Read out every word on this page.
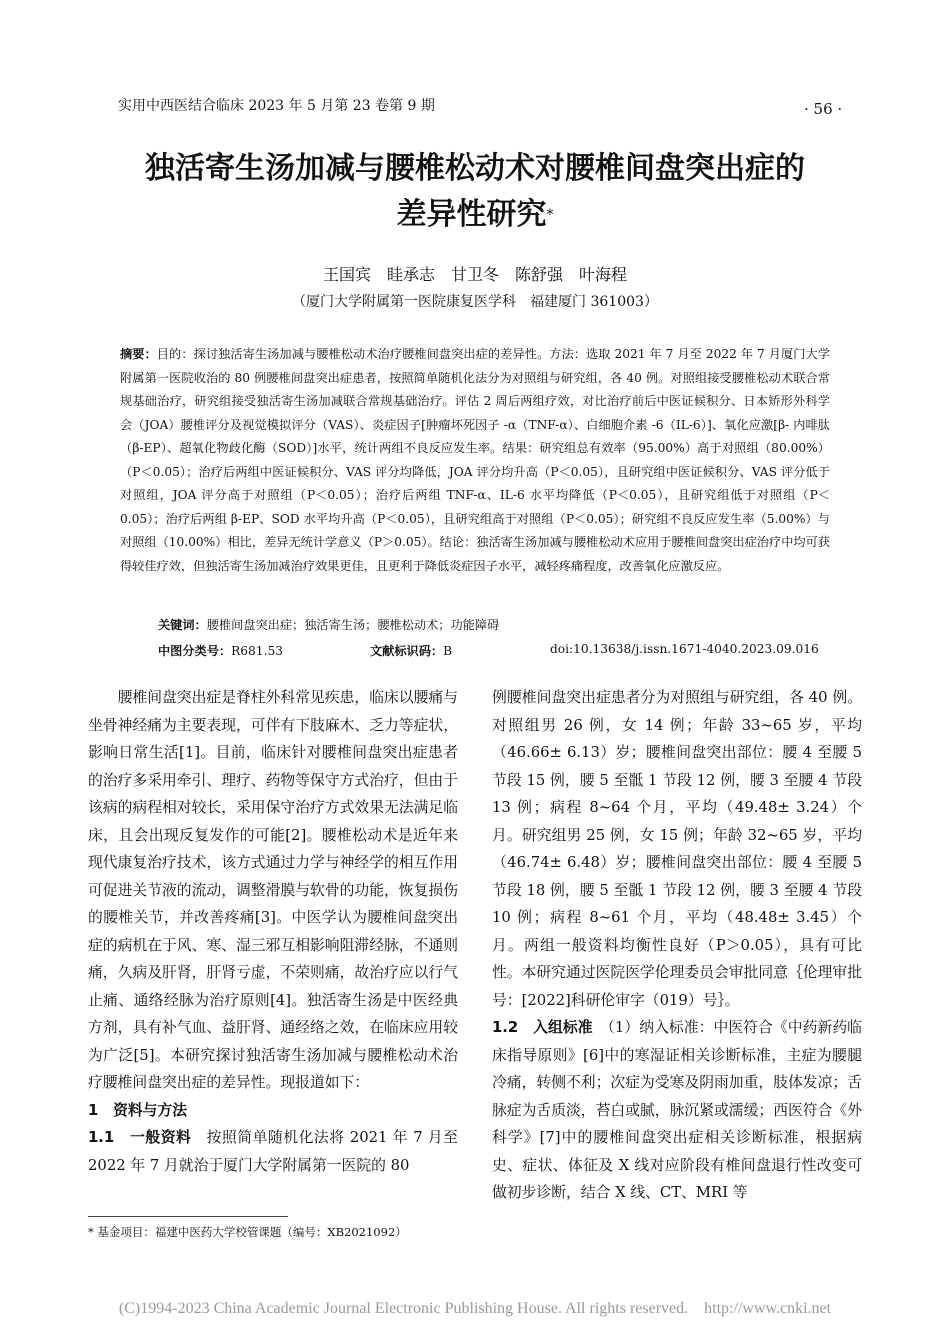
实用中西医结合临床 2023 年 5 月第 23 卷第 9 期	· 56 ·
独活寄生汤加减与腰椎松动术对腰椎间盘突出症的
差异性研究*
王国宾　眭承志　甘卫冬　陈舒强　叶海程
（厦门大学附属第一医院康复医学科　福建厦门 361003）
摘要：目的：探讨独活寄生汤加减与腰椎松动术治疗腰椎间盘突出症的差异性。方法：选取 2021 年 7 月至 2022 年 7 月厦门大学附属第一医院收治的 80 例腰椎间盘突出症患者，按照简单随机化法分为对照组与研究组，各 40 例。对照组接受腰椎松动术联合常规基础治疗，研究组接受独活寄生汤加减联合常规基础治疗。评估 2 周后两组疗效，对比治疗前后中医证候积分、日本矫形外科学会（JOA）腰椎评分及视觉模拟评分（VAS）、炎症因子[肿瘤坏死因子 -α（TNF-α）、白细胞介素 -6（IL-6）]、氧化应激[β- 内啡肽（β-EP）、超氧化物歧化酶（SOD）]水平，统计两组不良反应发生率。结果：研究组总有效率（95.00%）高于对照组（80.00%）（P＜0.05）；治疗后两组中医证候积分、VAS 评分均降低，JOA 评分均升高（P＜0.05），且研究组中医证候积分、VAS 评分低于对照组，JOA 评分高于对照组（P＜0.05）；治疗后两组 TNF-α、IL-6 水平均降低（P＜0.05），且研究组低于对照组（P＜0.05）；治疗后两组 β-EP、SOD 水平均升高（P＜0.05），且研究组高于对照组（P＜0.05）；研究组不良反应发生率（5.00%）与对照组（10.00%）相比，差异无统计学意义（P＞0.05）。结论：独活寄生汤加减与腰椎松动术应用于腰椎间盘突出症治疗中均可获得较佳疗效，但独活寄生汤加减治疗效果更佳，且更利于降低炎症因子水平，减轻疼痛程度，改善氧化应激反应。
关键词：腰椎间盘突出症；独活寄生汤；腰椎松动术；功能障碍
中图分类号：R681.53	文献标识码：B	doi:10.13638/j.issn.1671-4040.2023.09.016

腰椎间盘突出症是脊柱外科常见疾患，临床以腰痛与坐骨神经痛为主要表现，可伴有下肢麻木、乏力等症状，影响日常生活[1]。目前，临床针对腰椎间盘突出症患者的治疗多采用牵引、理疗、药物等保守方式治疗，但由于该病的病程相对较长，采用保守治疗方式效果无法满足临床，且会出现反复发作的可能[2]。腰椎松动术是近年来现代康复治疗技术，该方式通过力学与神经学的相互作用可促进关节液的流动，调整滑膜与软骨的功能，恢复损伤的腰椎关节，并改善疼痛[3]。中医学认为腰椎间盘突出症的病机在于风、寒、湿三邪互相影响阻滞经脉，不通则痛，久病及肝肾，肝肾亏虚，不荣则痛，故治疗应以行气止痛、通络经脉为治疗原则[4]。独活寄生汤是中医经典方剂，具有补气血、益肝肾、通经络之效，在临床应用较为广泛[5]。本研究探讨独活寄生汤加减与腰椎松动术治疗腰椎间盘突出症的差异性。现报道如下：

1　资料与方法

1.1　一般资料　 按照简单随机化法将 2021 年 7 月至 2022 年 7 月就治于厦门大学附属第一医院的 80

例腰椎间盘突出症患者分为对照组与研究组，各 40 例。对照组男 26 例，女 14 例；年龄 33~65 岁，平均（46.66± 6.13）岁；腰椎间盘突出部位：腰 4 至腰 5 节段 15 例，腰 5 至骶 1 节段 12 例，腰 3 至腰 4 节段 13 例；病程 8~64 个月，平均（49.48± 3.24）个月。研究组男 25 例，女 15 例；年龄 32~65 岁，平均（46.74± 6.48）岁；腰椎间盘突出部位：腰 4 至腰 5 节段 18 例，腰 5 至骶 1 节段 12 例，腰 3 至腰 4 节段 10 例；病程 8~61 个月，平均（48.48± 3.45）个月。两组一般资料均衡性良好（P＞0.05），具有可比性。本研究通过医院医学伦理委员会审批同意｛伦理审批号：[2022]科研伦审字（019）号｝。

1.2　入组标准　 （1）纳入标准：中医符合《中药新药临床指导原则》[6]中的寒湿证相关诊断标准，主症为腰腿冷痛，转侧不利；次症为受寒及阴雨加重，肢体发凉；舌脉症为舌质淡，苔白或腻，脉沉紧或濡缓；西医符合《外科学》[7]中的腰椎间盘突出症相关诊断标准，根据病史、症状、体征及 X 线对应阶段有椎间盘退行性改变可做初步诊断，结合 X 线、CT、MRI 等

* 基金项目：福建中医药大学校管课题（编号：XB2021092）
(C)1994-2023 China Academic Journal Electronic Publishing House. All rights reserved.　http://www.cnki.net
